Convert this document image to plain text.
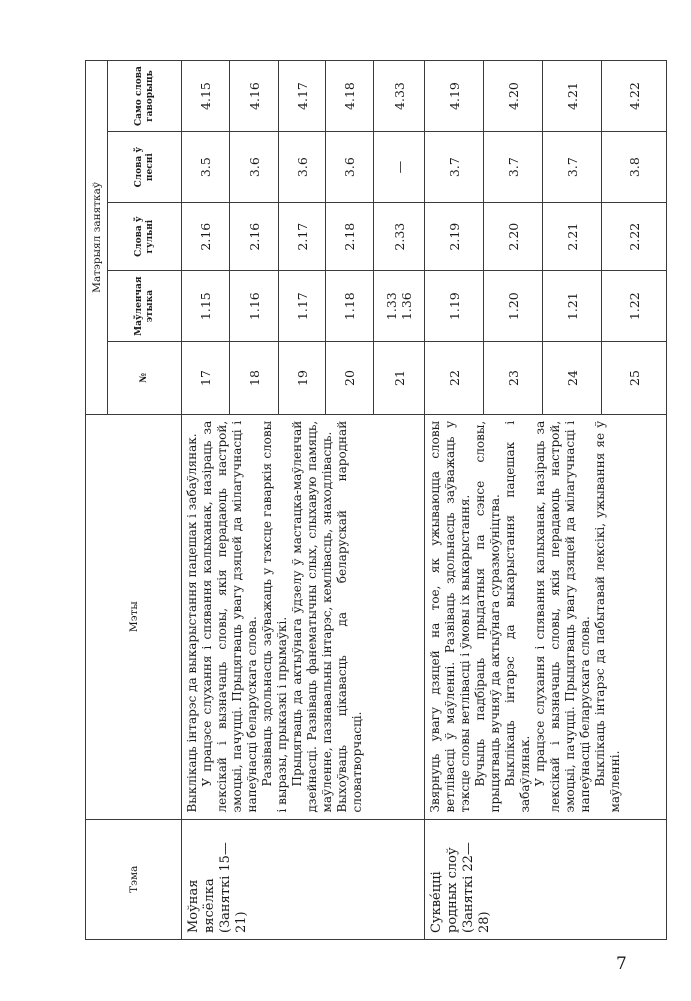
Тэма	Мэты	Матэрыял заняткаў				
		№	Маўленчая этыка	Слова ў гульні	Слова ў песні	Само слова гаворыць
Моўная вясёлка (Заняткі 15—21)	Выклікаць інтарэс да выкарыстання пацешак і забаўлянак. У працэсе слухання і спявання калыханак, назіраць за лексікай і вызначаць словы, якія перадаюць настрой, эмоцыі, пачуцці. Прыцягваць увагу дзяцей да мілагучнасці і напеўнасці беларускага слова. Развіваць здольнасць заўважаць у тэксце гаваркія словы і выразы, прыказкі і прымаўкі. Прыцягваць да актыўнага ўдзелу ў мастацка-маўленчай дзейнасці. Развіваць фанематычны слых, слыхавую памяць, маўленне, пазнавальны інтарэс, кемлівасць, знаходлівасць. Выхоўваць цікавасць да беларускай народнай словатворчасці.	17	1.15	2.16	3.5	4.15
		18	1.16	2.16	3.6	4.16
		19	1.17	2.17	3.6	4.17
		20	1.18	2.18	3.6	4.18
		21	1.33 1.36	2.33	—	4.33
Сукве́цці родных слоў (Заняткі 22—28)	Звярнуць увагу дзяцей на тое, як ужываюцца словы ветлівасці ў маўленні. Развіваць здольнасць заўважаць у тэксце словы ветлівасці і ўмовы іх выкарыстання. Вучыць падбіраць прыдатныя па сэнсе словы, прыцягваць вучняў да актыўнага суразмоўніцтва. Выклікаць інтарэс да выкарыстання пацешак і забаўлянак. У працэсе слухання і спявання калыханак, назіраць за лексікай і вызначаць словы, якія перадаюць настрой, эмоцыі, пачуцці. Прыцягваць увагу дзяцей да мілагучнасці і напеўнасці беларускага слова. Выклікаць інтарэс да пабытавай лексікі, ужывання яе ў маўленні.	22	1.19	2.19	3.7	4.19
		23	1.20	2.20	3.7	4.20
		24	1.21	2.21	3.7	4.21
		25	1.22	2.22	3.8	4.22
7
